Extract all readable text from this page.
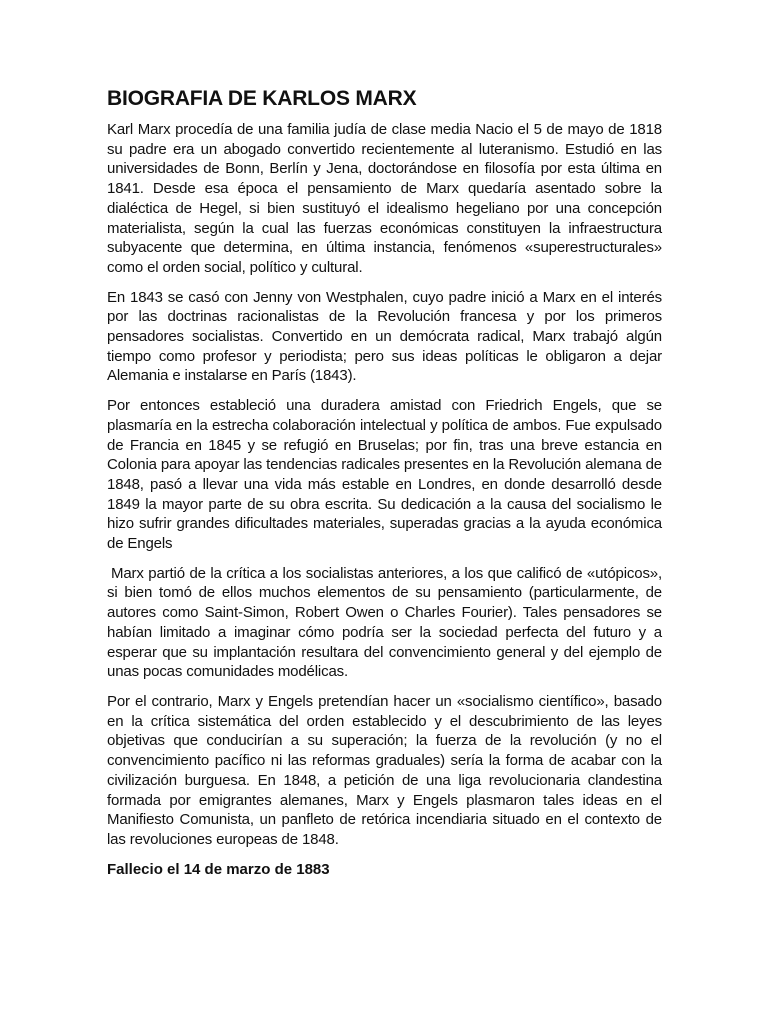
BIOGRAFIA DE KARLOS MARX

Karl Marx procedía de una familia judía de clase media Nacio el 5 de mayo de 1818 su padre era un abogado convertido recientemente al luteranismo. Estudió en las universidades de Bonn, Berlín y Jena, doctorándose en filosofía por esta última en 1841. Desde esa época el pensamiento de Marx quedaría asentado sobre la dialéctica de Hegel, si bien sustituyó el idealismo hegeliano por una concepción materialista, según la cual las fuerzas económicas constituyen la infraestructura subyacente que determina, en última instancia, fenómenos «superestructurales» como el orden social, político y cultural.

En 1843 se casó con Jenny von Westphalen, cuyo padre inició a Marx en el interés por las doctrinas racionalistas de la Revolución francesa y por los primeros pensadores socialistas. Convertido en un demócrata radical, Marx trabajó algún tiempo como profesor y periodista; pero sus ideas políticas le obligaron a dejar Alemania e instalarse en París (1843).

Por entonces estableció una duradera amistad con Friedrich Engels, que se plasmaría en la estrecha colaboración intelectual y política de ambos. Fue expulsado de Francia en 1845 y se refugió en Bruselas; por fin, tras una breve estancia en Colonia para apoyar las tendencias radicales presentes en la Revolución alemana de 1848, pasó a llevar una vida más estable en Londres, en donde desarrolló desde 1849 la mayor parte de su obra escrita. Su dedicación a la causa del socialismo le hizo sufrir grandes dificultades materiales, superadas gracias a la ayuda económica de Engels

Marx partió de la crítica a los socialistas anteriores, a los que calificó de «utópicos», si bien tomó de ellos muchos elementos de su pensamiento (particularmente, de autores como Saint-Simon, Robert Owen o Charles Fourier). Tales pensadores se habían limitado a imaginar cómo podría ser la sociedad perfecta del futuro y a esperar que su implantación resultara del convencimiento general y del ejemplo de unas pocas comunidades modélicas.

Por el contrario, Marx y Engels pretendían hacer un «socialismo científico», basado en la crítica sistemática del orden establecido y el descubrimiento de las leyes objetivas que conducirían a su superación; la fuerza de la revolución (y no el convencimiento pacífico ni las reformas graduales) sería la forma de acabar con la civilización burguesa. En 1848, a petición de una liga revolucionaria clandestina formada por emigrantes alemanes, Marx y Engels plasmaron tales ideas en el Manifiesto Comunista, un panfleto de retórica incendiaria situado en el contexto de las revoluciones europeas de 1848.

Fallecio el 14 de marzo de 1883
